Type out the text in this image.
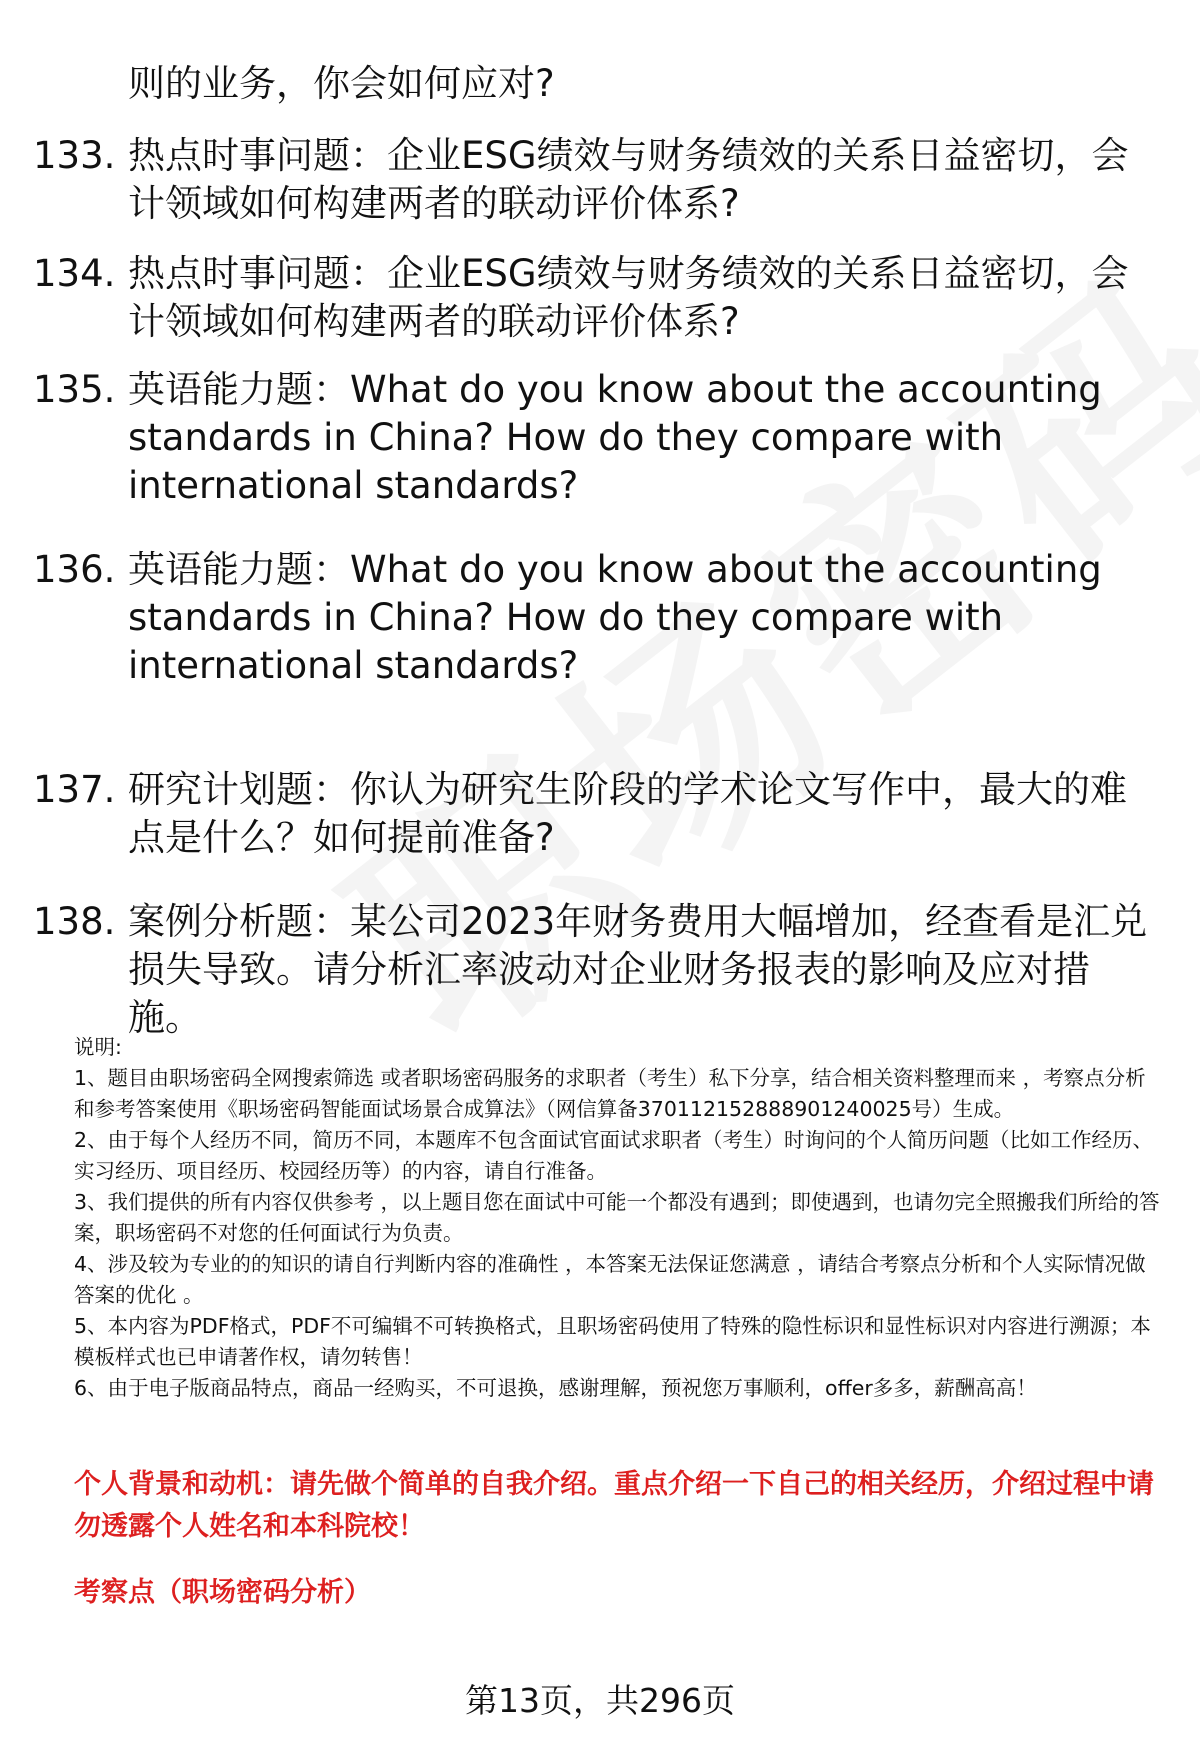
则的业务，你会如何应对?
133. 热点时事问题：企业ESG绩效与财务绩效的关系日益密切，会计领域如何构建两者的联动评价体系?
134. 热点时事问题：企业ESG绩效与财务绩效的关系日益密切，会计领域如何构建两者的联动评价体系?
135. 英语能力题：What do you know about the accounting standards in China? How do they compare with international standards?
136. 英语能力题：What do you know about the accounting standards in China? How do they compare with international standards?
137. 研究计划题：你认为研究生阶段的学术论文写作中，最大的难点是什么？如何提前准备?
138. 案例分析题：某公司2023年财务费用大幅增加，经查看是汇兑损失导致。请分析汇率波动对企业财务报表的影响及应对措施。

说明:

1、题目由职场密码全网搜索筛选 或者职场密码服务的求职者（考生）私下分享，结合相关资料整理而来 ，考察点分析和参考答案使用《职场密码智能面试场景合成算法》（网信算备370112152888901240025号）生成。

2、由于每个人经历不同，简历不同，本题库不包含面试官面试求职者（考生）时询问的个人简历问题（比如工作经历、实习经历、项目经历、校园经历等）的内容，请自行准备。

3、我们提供的所有内容仅供参考 ，以上题目您在面试中可能一个都没有遇到；即使遇到，也请勿完全照搬我们所给的答案，职场密码不对您的任何面试行为负责。

4、涉及较为专业的的知识的请自行判断内容的准确性 ，本答案无法保证您满意 ，请结合考察点分析和个人实际情况做答案的优化 。

5、本内容为PDF格式，PDF不可编辑不可转换格式，且职场密码使用了特殊的隐性标识和显性标识对内容进行溯源；本模板样式也已申请著作权，请勿转售！

6、由于电子版商品特点，商品一经购买，不可退换，感谢理解，预祝您万事顺利，offer多多，薪酬高高！

个人背景和动机：请先做个简单的自我介绍。重点介绍一下自己的相关经历，介绍过程中请勿透露个人姓名和本科院校！
考察点（职场密码分析）
第13页，共296页
